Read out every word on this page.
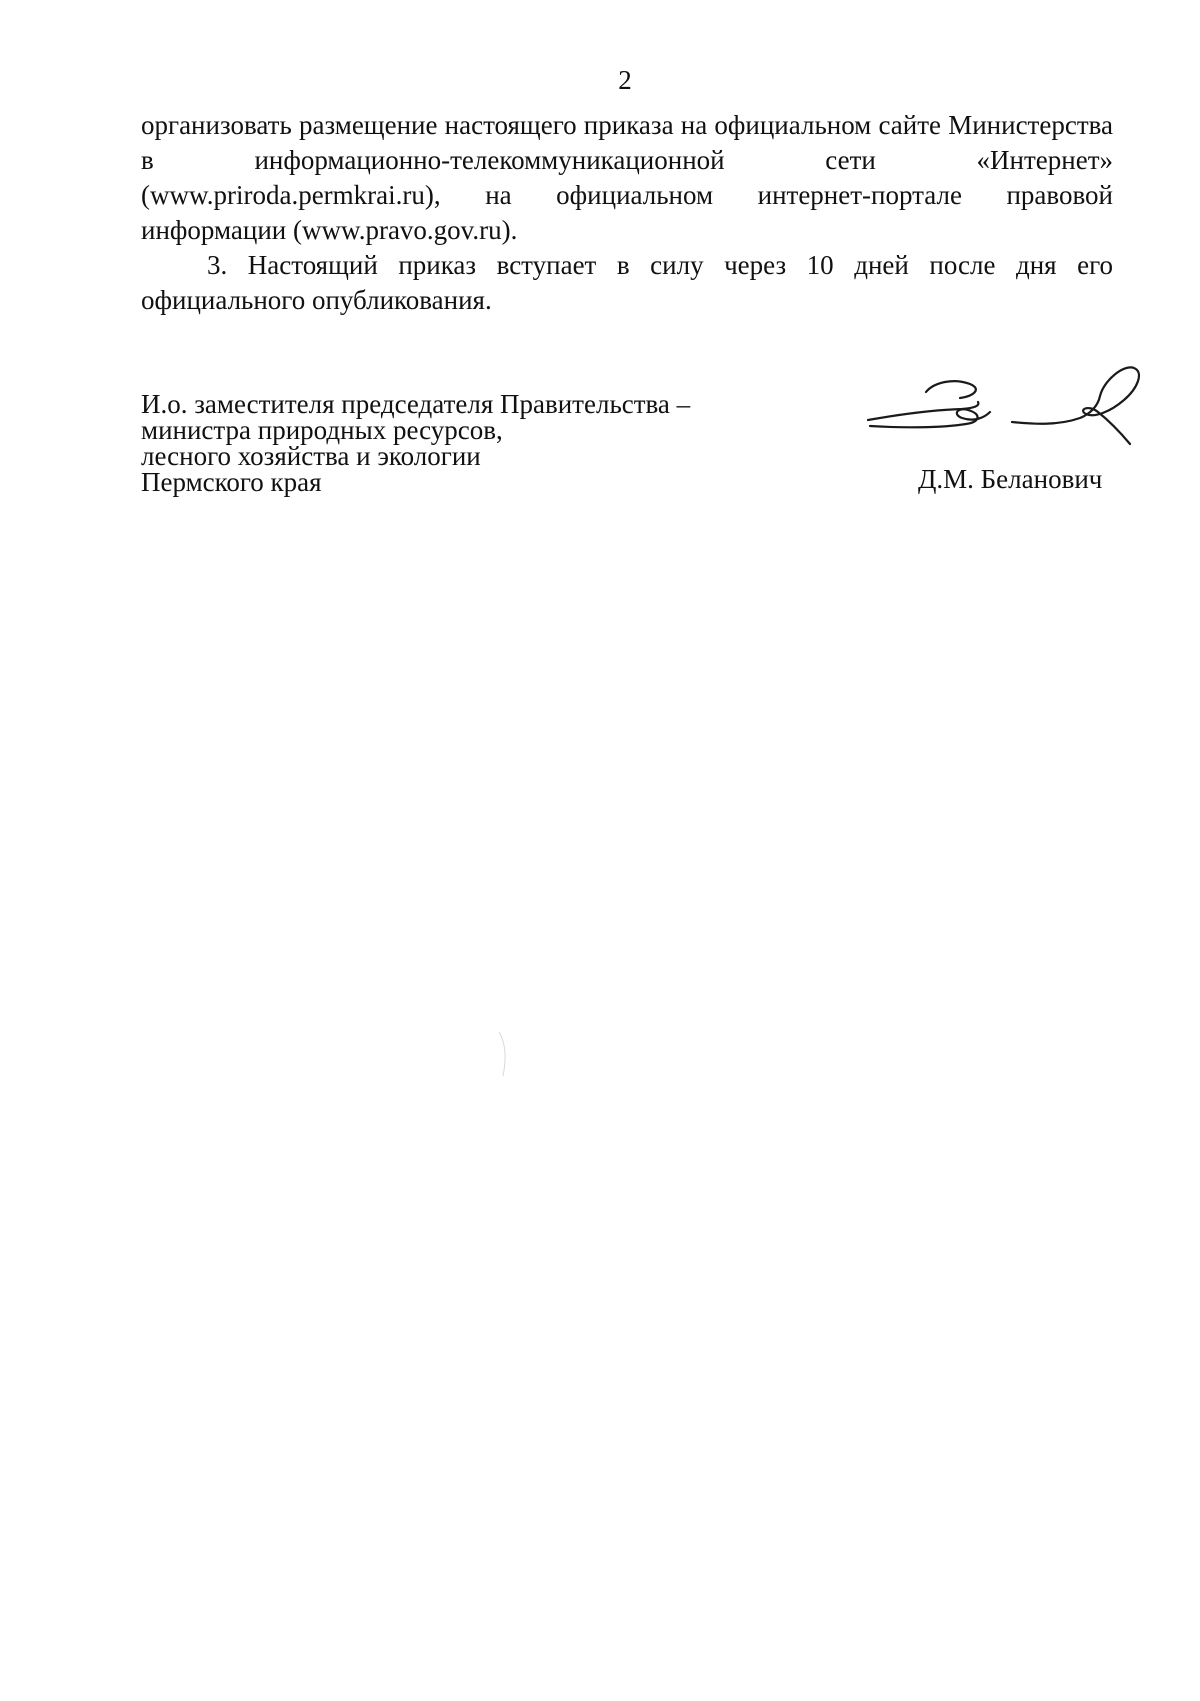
2

организовать размещение настоящего приказа на официальном сайте Министерства в информационно-телекоммуникационной сети «Интернет» (www.priroda.permkrai.ru), на официальном интернет-портале правовой информации (www.pravo.gov.ru).

3. Настоящий приказ вступает в силу через 10 дней после дня его официального опубликования.

И.о. заместителя председателя Правительства –
министра природных ресурсов,
лесного хозяйства и экологии
Пермского края	Д.М. Беланович
